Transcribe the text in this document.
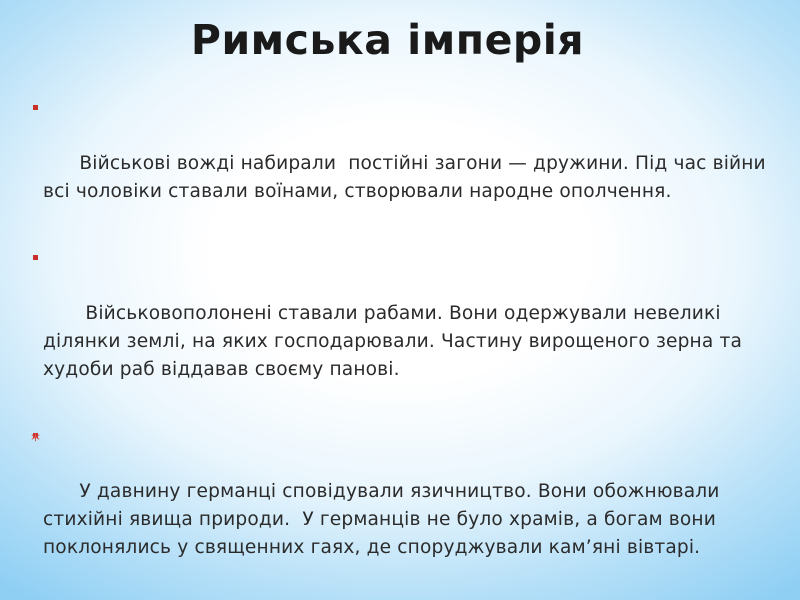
Римська імперія

Військові вожді набирали  постійні загони — дружини. Під час війни всі чоловіки ставали воїнами, створювали народне ополчення.

Військовополонені ставали рабами. Вони одержували невеликі ділянки землі, на яких господарювали. Частину вирощеного зерна та худоби раб віддавав своєму панові.

У давнину германці сповідували язичництво. Вони обожнювали стихійні явища природи.  У германців не було храмів, а богам вони поклонялись у священних гаях, де споруджували кам’яні вівтарі.

*
